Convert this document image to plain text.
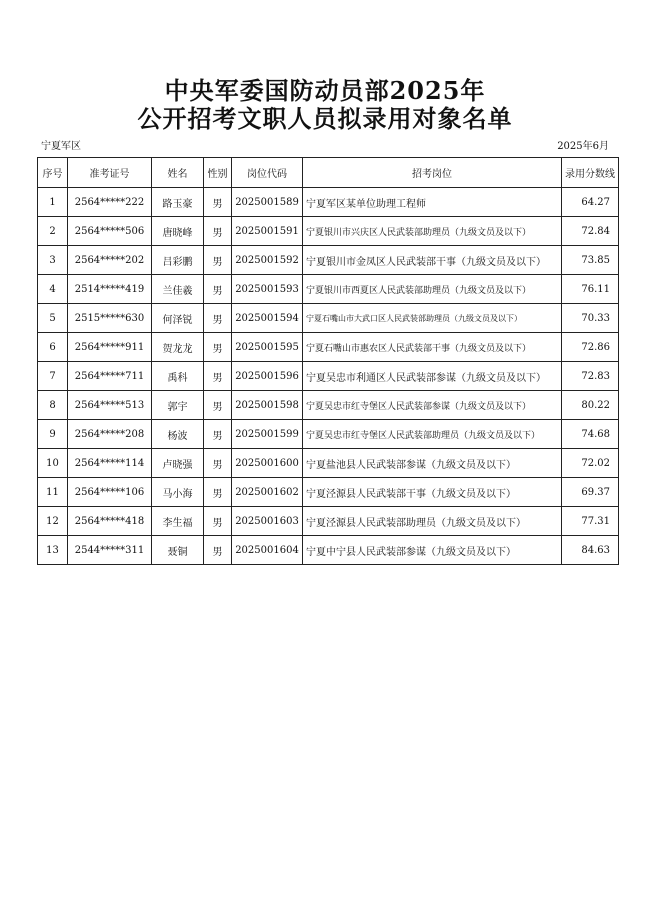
中央军委国防动员部2025年
公开招考文职人员拟录用对象名单
宁夏军区	2025年6月
序号	准考证号	姓名	性别	岗位代码	招考岗位	录用分数线
1	2564*****222	路玉豪	男	2025001589	宁夏军区某单位助理工程师	64.27
2	2564*****506	唐晓峰	男	2025001591	宁夏银川市兴庆区人民武装部助理员（九级文员及以下）	72.84
3	2564*****202	吕彩鹏	男	2025001592	宁夏银川市金凤区人民武装部干事（九级文员及以下）	73.85
4	2514*****419	兰佳羲	男	2025001593	宁夏银川市西夏区人民武装部助理员（九级文员及以下）	76.11
5	2515*****630	何泽锐	男	2025001594	宁夏石嘴山市大武口区人民武装部助理员（九级文员及以下）	70.33
6	2564*****911	贺龙龙	男	2025001595	宁夏石嘴山市惠农区人民武装部干事（九级文员及以下）	72.86
7	2564*****711	禹科	男	2025001596	宁夏吴忠市利通区人民武装部参谋（九级文员及以下）	72.83
8	2564*****513	郭宇	男	2025001598	宁夏吴忠市红寺堡区人民武装部参谋（九级文员及以下）	80.22
9	2564*****208	杨波	男	2025001599	宁夏吴忠市红寺堡区人民武装部助理员（九级文员及以下）	74.68
10	2564*****114	卢晓强	男	2025001600	宁夏盐池县人民武装部参谋（九级文员及以下）	72.02
11	2564*****106	马小海	男	2025001602	宁夏泾源县人民武装部干事（九级文员及以下）	69.37
12	2564*****418	李生福	男	2025001603	宁夏泾源县人民武装部助理员（九级文员及以下）	77.31
13	2544*****311	聂铜	男	2025001604	宁夏中宁县人民武装部参谋（九级文员及以下）	84.63
